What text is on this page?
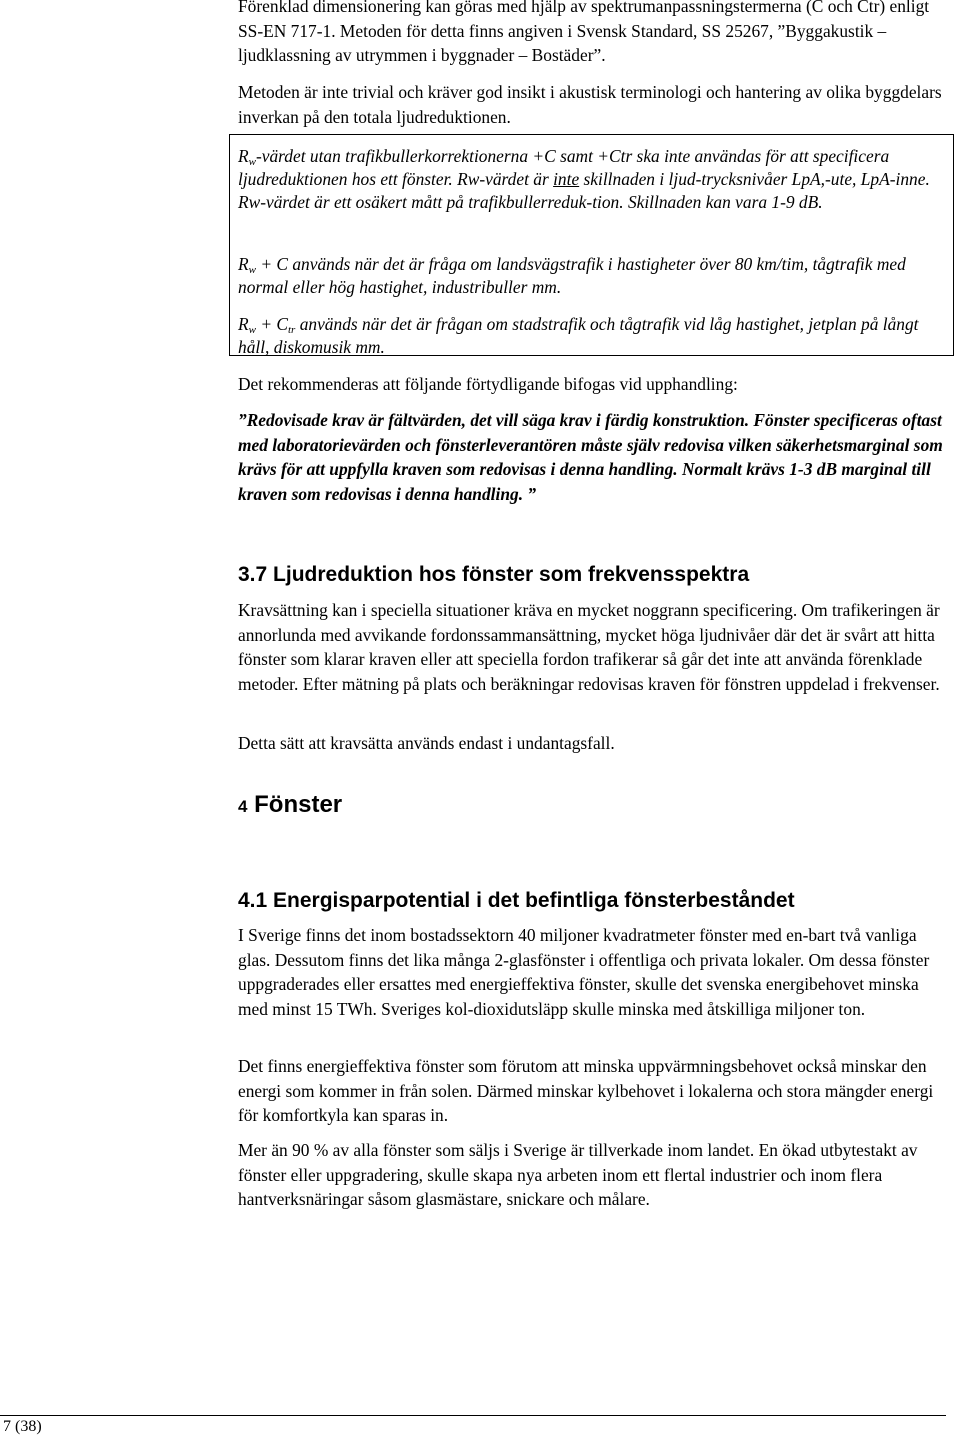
Förenklad dimensionering kan göras med hjälp av spektrumanpassningstermerna (C och Ctr) enligt SS-EN 717-1. Metoden för detta finns angiven i Svensk Standard, SS 25267, ”Byggakustik – ljudklassning av utrymmen i byggnader – Bostäder”.

Metoden är inte trivial och kräver god insikt i akustisk terminologi och hantering av olika byggdelars inverkan på den totala ljudreduktionen.

$R_w$-värdet utan trafikbullerkorrektionerna +C samt +Ctr ska inte användas för att specificera ljudreduktionen hos ett fönster. Rw-värdet är inte skillnaden i ljud-trycksnivåer LpA,-ute, LpA-inne. Rw-värdet är ett osäkert mått på trafikbullerreduk-tion. Skillnaden kan vara 1-9 dB.

$R_w + C$ används när det är fråga om landsvägstrafik i hastigheter över 80 km/tim, tågtrafik med normal eller hög hastighet, industribuller mm.

$R_w + C_{tr}$ används när det är frågan om stadstrafik och tågtrafik vid låg hastighet, jetplan på långt håll, diskomusik mm.

Det rekommenderas att följande förtydligande bifogas vid upphandling:

”Redovisade krav är fältvärden, det vill säga krav i färdig konstruktion. Fönster specificeras oftast med laboratorievärden och fönsterleverantören måste själv redovisa vilken säkerhetsmarginal som krävs för att uppfylla kraven som redovisas i denna handling. Normalt krävs 1-3 dB marginal till kraven som redovisas i denna handling. ”

3.7 Ljudreduktion hos fönster som frekvensspektra

Kravsättning kan i speciella situationer kräva en mycket noggrann specificering. Om trafikeringen är annorlunda med avvikande fordonssammansättning, mycket höga ljudnivåer där det är svårt att hitta fönster som klarar kraven eller att speciella fordon trafikerar så går det inte att använda förenklade metoder. Efter mätning på plats och beräkningar redovisas kraven för fönstren uppdelad i frekvenser.

Detta sätt att kravsätta används endast i undantagsfall.

4 Fönster
4.1 Energisparpotential i det befintliga fönsterbeståndet

I Sverige finns det inom bostadssektorn 40 miljoner kvadratmeter fönster med en-bart två vanliga glas. Dessutom finns det lika många 2-glasfönster i offentliga och privata lokaler. Om dessa fönster uppgraderades eller ersattes med energieffektiva fönster, skulle det svenska energibehovet minska med minst 15 TWh. Sveriges kol-dioxidutsläpp skulle minska med åtskilliga miljoner ton.

Det finns energieffektiva fönster som förutom att minska uppvärmningsbehovet också minskar den energi som kommer in från solen. Därmed minskar kylbehovet i lokalerna och stora mängder energi för komfortkyla kan sparas in.

Mer än 90 % av alla fönster som säljs i Sverige är tillverkade inom landet. En ökad utbytestakt av fönster eller uppgradering, skulle skapa nya arbeten inom ett flertal industrier och inom flera hantverksnäringar såsom glasmästare, snickare och målare.

7 (38)
